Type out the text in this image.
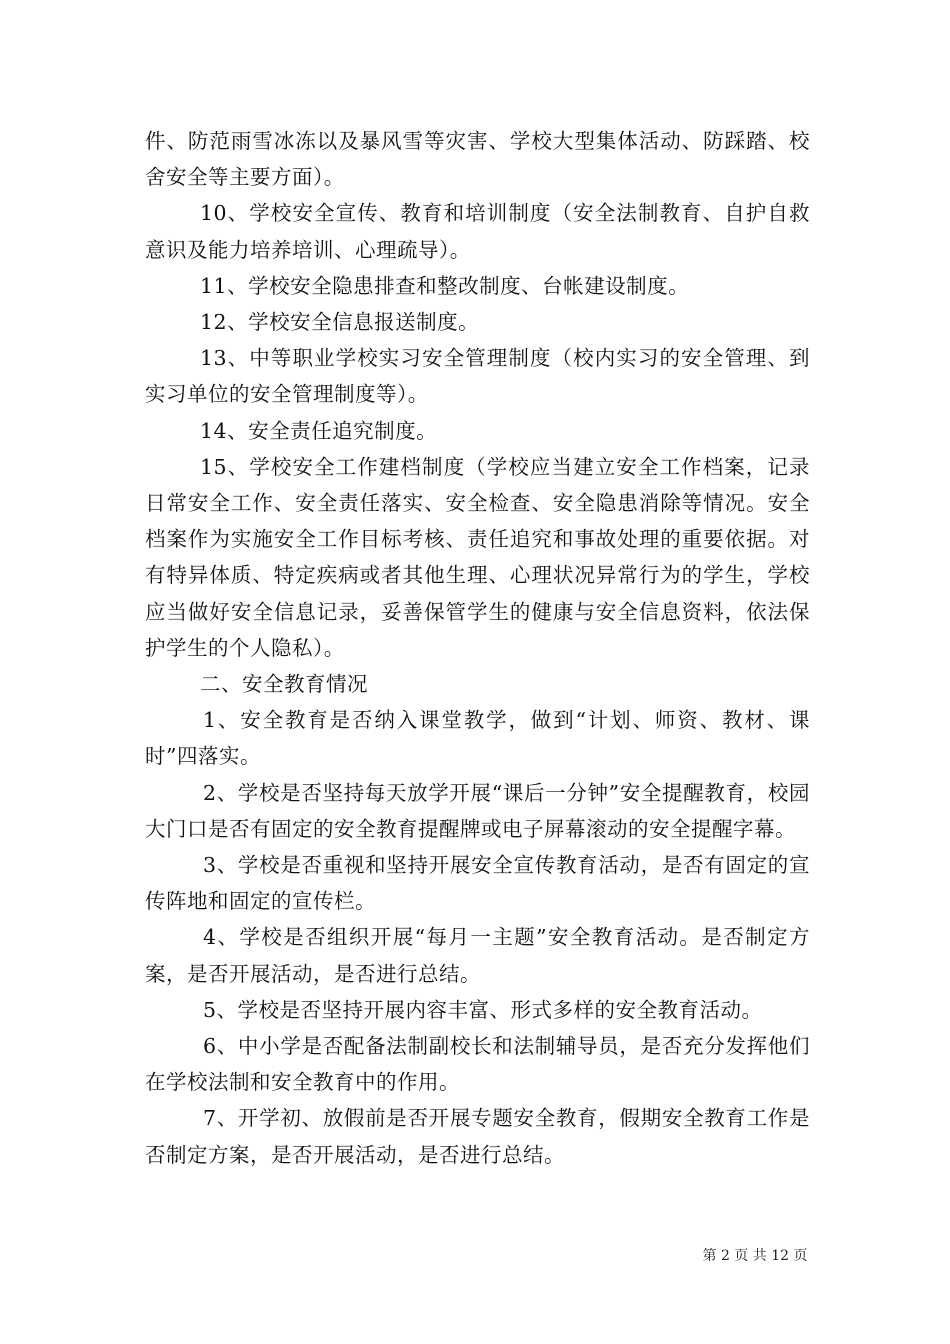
件、防范雨雪冰冻以及暴风雪等灾害、学校大型集体活动、防踩踏、校舍安全等主要方面）。

10、学校安全宣传、教育和培训制度（安全法制教育、自护自救意识及能力培养培训、心理疏导）。

11、学校安全隐患排查和整改制度、台帐建设制度。

12、学校安全信息报送制度。

13、中等职业学校实习安全管理制度（校内实习的安全管理、到实习单位的安全管理制度等）。

14、安全责任追究制度。

15、学校安全工作建档制度（学校应当建立安全工作档案，记录日常安全工作、安全责任落实、安全检查、安全隐患消除等情况。安全档案作为实施安全工作目标考核、责任追究和事故处理的重要依据。对有特异体质、特定疾病或者其他生理、心理状况异常行为的学生，学校应当做好安全信息记录，妥善保管学生的健康与安全信息资料，依法保护学生的个人隐私）。

二、安全教育情况

1、安全教育是否纳入课堂教学，做到“计划、师资、教材、课时”四落实。

2、学校是否坚持每天放学开展“课后一分钟”安全提醒教育，校园大门口是否有固定的安全教育提醒牌或电子屏幕滚动的安全提醒字幕。

3、学校是否重视和坚持开展安全宣传教育活动，是否有固定的宣传阵地和固定的宣传栏。

4、学校是否组织开展“每月一主题”安全教育活动。是否制定方案，是否开展活动，是否进行总结。

5、学校是否坚持开展内容丰富、形式多样的安全教育活动。

6、中小学是否配备法制副校长和法制辅导员，是否充分发挥他们在学校法制和安全教育中的作用。

7、开学初、放假前是否开展专题安全教育，假期安全教育工作是否制定方案，是否开展活动，是否进行总结。

第 2 页 共 12 页
